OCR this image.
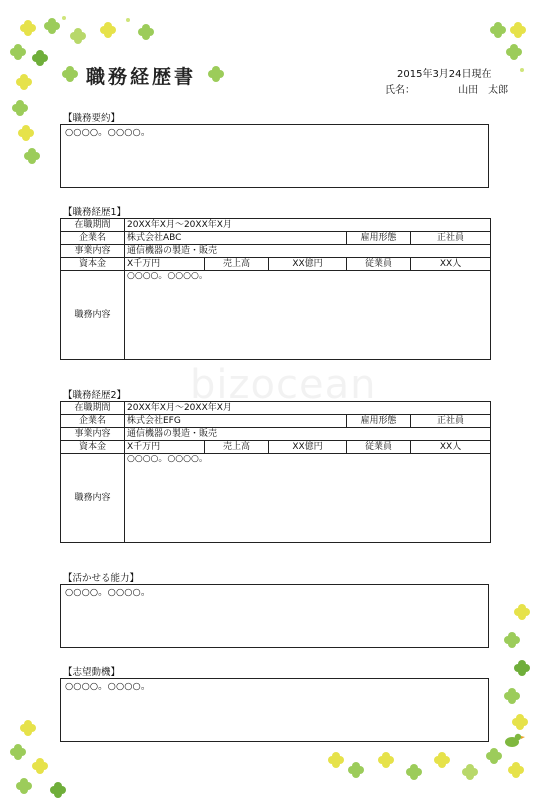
bizocean
職務経歴書	2015年3月24日現在
氏名：	山田　太郎
【職務要約】
○○○○。○○○○。
【職務経歴1】
在職期間	20XX年X月～20XX年X月				
企業名	株式会社ABC			雇用形態	正社員
事業内容	通信機器の製造・販売				
資本金	X千万円	売上高	XX億円	従業員	XX人
職務内容	○○○○。○○○○。				
【職務経歴2】
在職期間	20XX年X月～20XX年X月				
企業名	株式会社EFG			雇用形態	正社員
事業内容	通信機器の製造・販売				
資本金	X千万円	売上高	XX億円	従業員	XX人
職務内容	○○○○。○○○○。				
【活かせる能力】
○○○○。○○○○。
【志望動機】
○○○○。○○○○。
